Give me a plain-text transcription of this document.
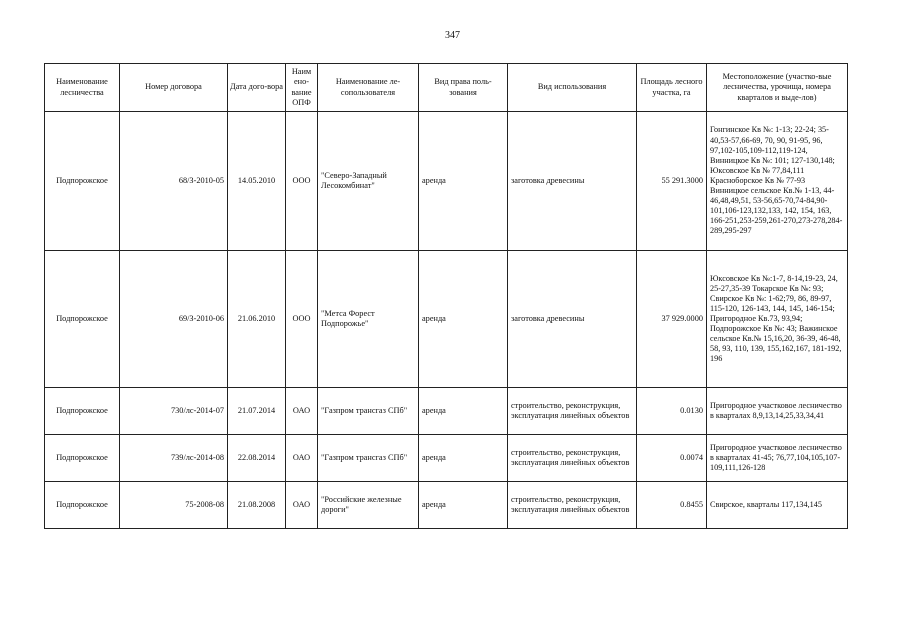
347
Наименование лесничества	Номер договора	Дата дого-вора	Наим ено-вание ОПФ	Наименование ле-сопользователя	Вид права поль-зования	Вид использования	Площадь лесного участка, га	Местоположение (участко-вые лесничества, урочища, номера кварталов и выде-лов)
Подпорожское	68/З-2010-05	14.05.2010	ООО	"Северо-Западный Лесокомбинат"	аренда	заготовка древесины	55 291.3000	Гонгинское Кв №: 1-13; 22-24; 35-40,53-57,66-69, 70, 90, 91-95, 96, 97,102-105,109-112,119-124, Винницкое Кв №: 101; 127-130,148; Юксовское Кв № 77,84,111 Красноборское Кв № 77-93 Винницкое сельское Кв.№ 1-13, 44-46,48,49,51, 53-56,65-70,74-84,90-101,106-123,132,133, 142, 154, 163, 166-251,253-259,261-270,273-278,284-289,295-297
Подпорожское	69/З-2010-06	21.06.2010	ООО	"Метса Форест Подпорожье"	аренда	заготовка древесины	37 929.0000	Юксовское Кв №:1-7, 8-14,19-23, 24, 25-27,35-39 Токарское Кв №: 93; Свирское Кв №: 1-62;79, 86, 89-97, 115-120, 126-143, 144, 145, 146-154; Пригородное Кв.73, 93,94; Подпорожское Кв №: 43; Важинское сельское Кв.№ 15,16,20, 36-39, 46-48, 58, 93, 110, 139, 155,162,167, 181-192, 196
Подпорожское	730/лс-2014-07	21.07.2014	ОАО	"Газпром трансгаз СПб"	аренда	строительство, реконструкция, эксплуатация линейных объектов	0.0130	Пригородное участковое лесничество в кварталах 8,9,13,14,25,33,34,41
Подпорожское	739/лс-2014-08	22.08.2014	ОАО	"Газпром трансгаз СПб"	аренда	строительство, реконструкция, эксплуатация линейных объектов	0.0074	Пригородное участковое лесничество в кварталах 41-45; 76,77,104,105,107-109,111,126-128
Подпорожское	75-2008-08	21.08.2008	ОАО	"Российские железные дороги"	аренда	строительство, реконструкция, эксплуатация линейных объектов	0.8455	Свирское, кварталы 117,134,145
